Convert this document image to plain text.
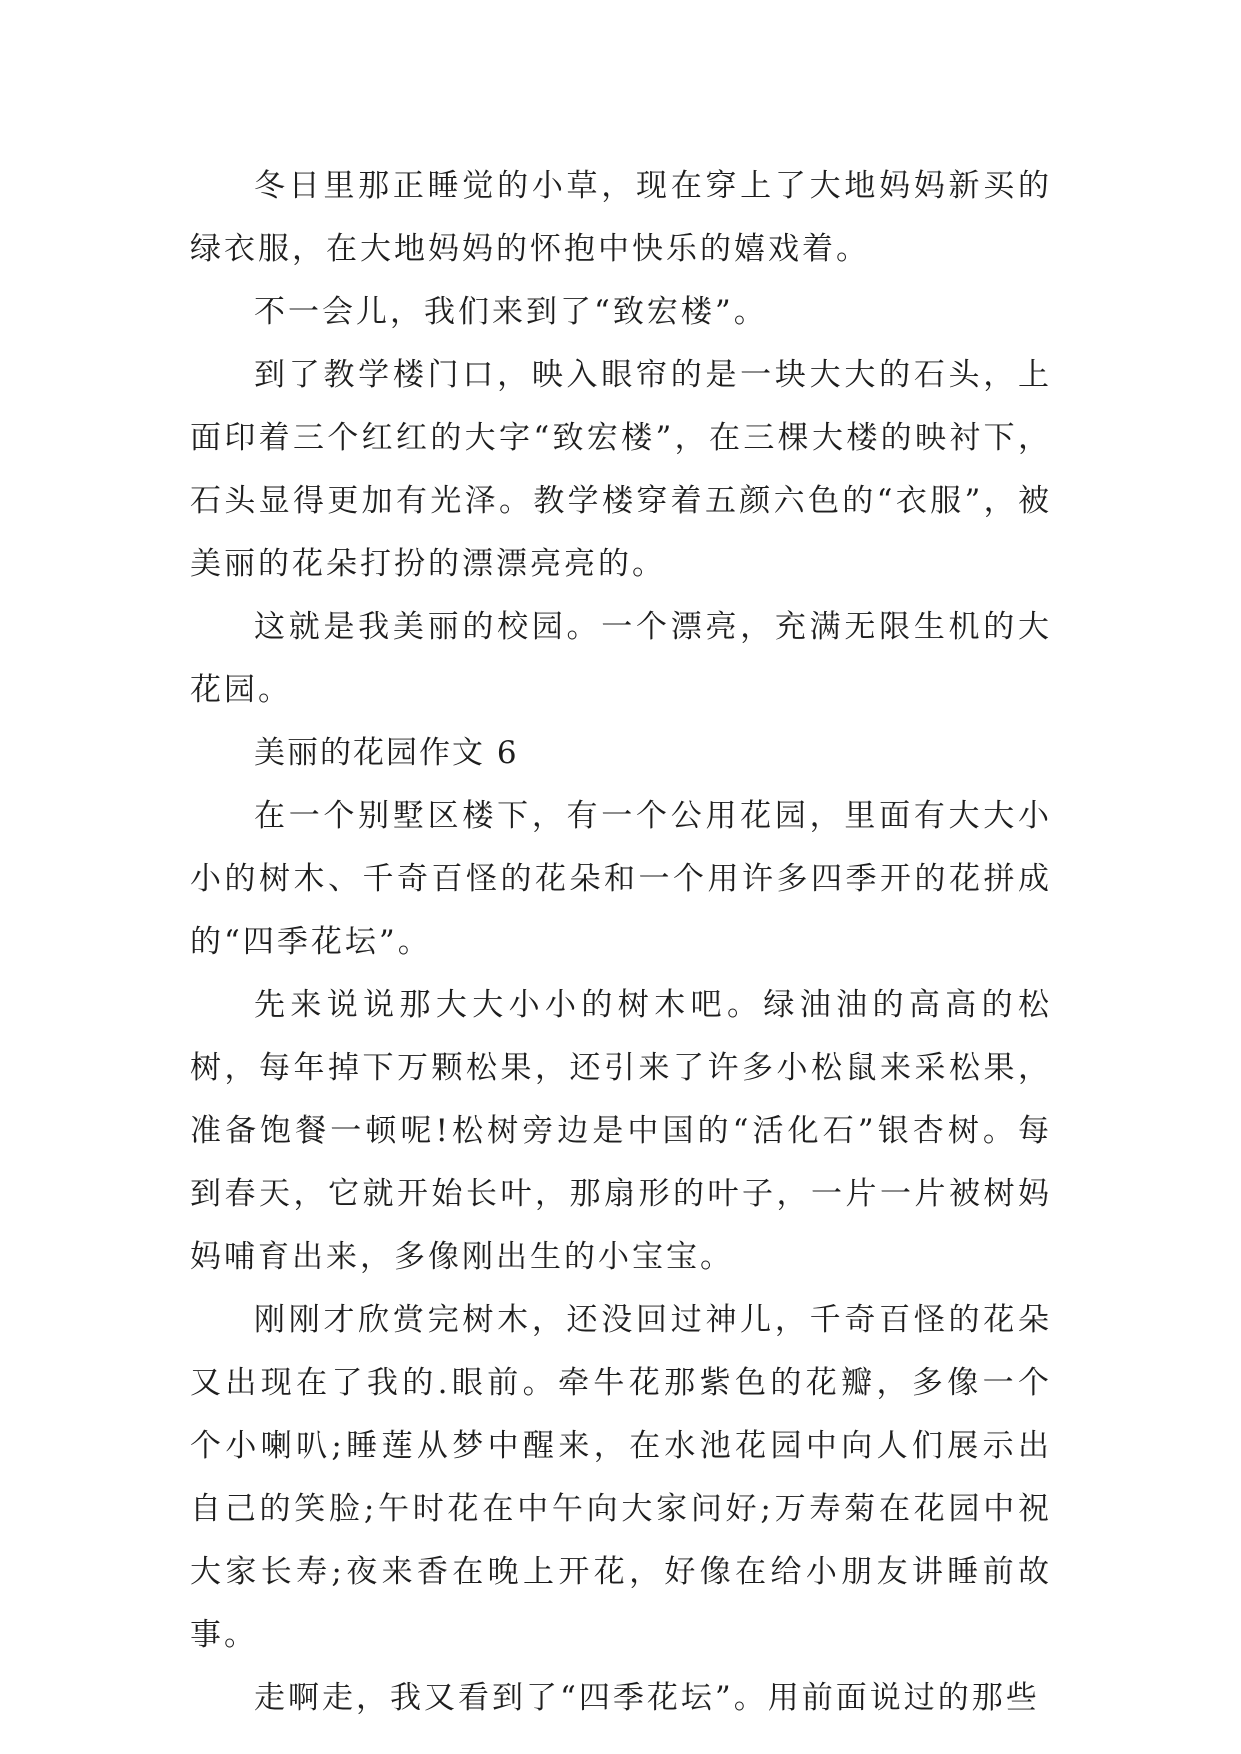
冬日里那正睡觉的小草，现在穿上了大地妈妈新买的绿衣服，在大地妈妈的怀抱中快乐的嬉戏着。

不一会儿，我们来到了“致宏楼”。

到了教学楼门口，映入眼帘的是一块大大的石头，上面印着三个红红的大字“致宏楼”，在三棵大楼的映衬下，石头显得更加有光泽。教学楼穿着五颜六色的“衣服”，被美丽的花朵打扮的漂漂亮亮的。

这就是我美丽的校园。一个漂亮，充满无限生机的大花园。

美丽的花园作文 6

在一个别墅区楼下，有一个公用花园，里面有大大小小的树木、千奇百怪的花朵和一个用许多四季开的花拼成的“四季花坛”。

先来说说那大大小小的树木吧。绿油油的高高的松树，每年掉下万颗松果，还引来了许多小松鼠来采松果，准备饱餐一顿呢!松树旁边是中国的“活化石”银杏树。每到春天，它就开始长叶，那扇形的叶子，一片一片被树妈妈哺育出来，多像刚出生的小宝宝。

刚刚才欣赏完树木，还没回过神儿，千奇百怪的花朵又出现在了我的.眼前。牵牛花那紫色的花瓣，多像一个个小喇叭;睡莲从梦中醒来，在水池花园中向人们展示出自己的笑脸;午时花在中午向大家问好;万寿菊在花园中祝大家长寿;夜来香在晚上开花，好像在给小朋友讲睡前故事。

走啊走，我又看到了“四季花坛”。用前面说过的那些
